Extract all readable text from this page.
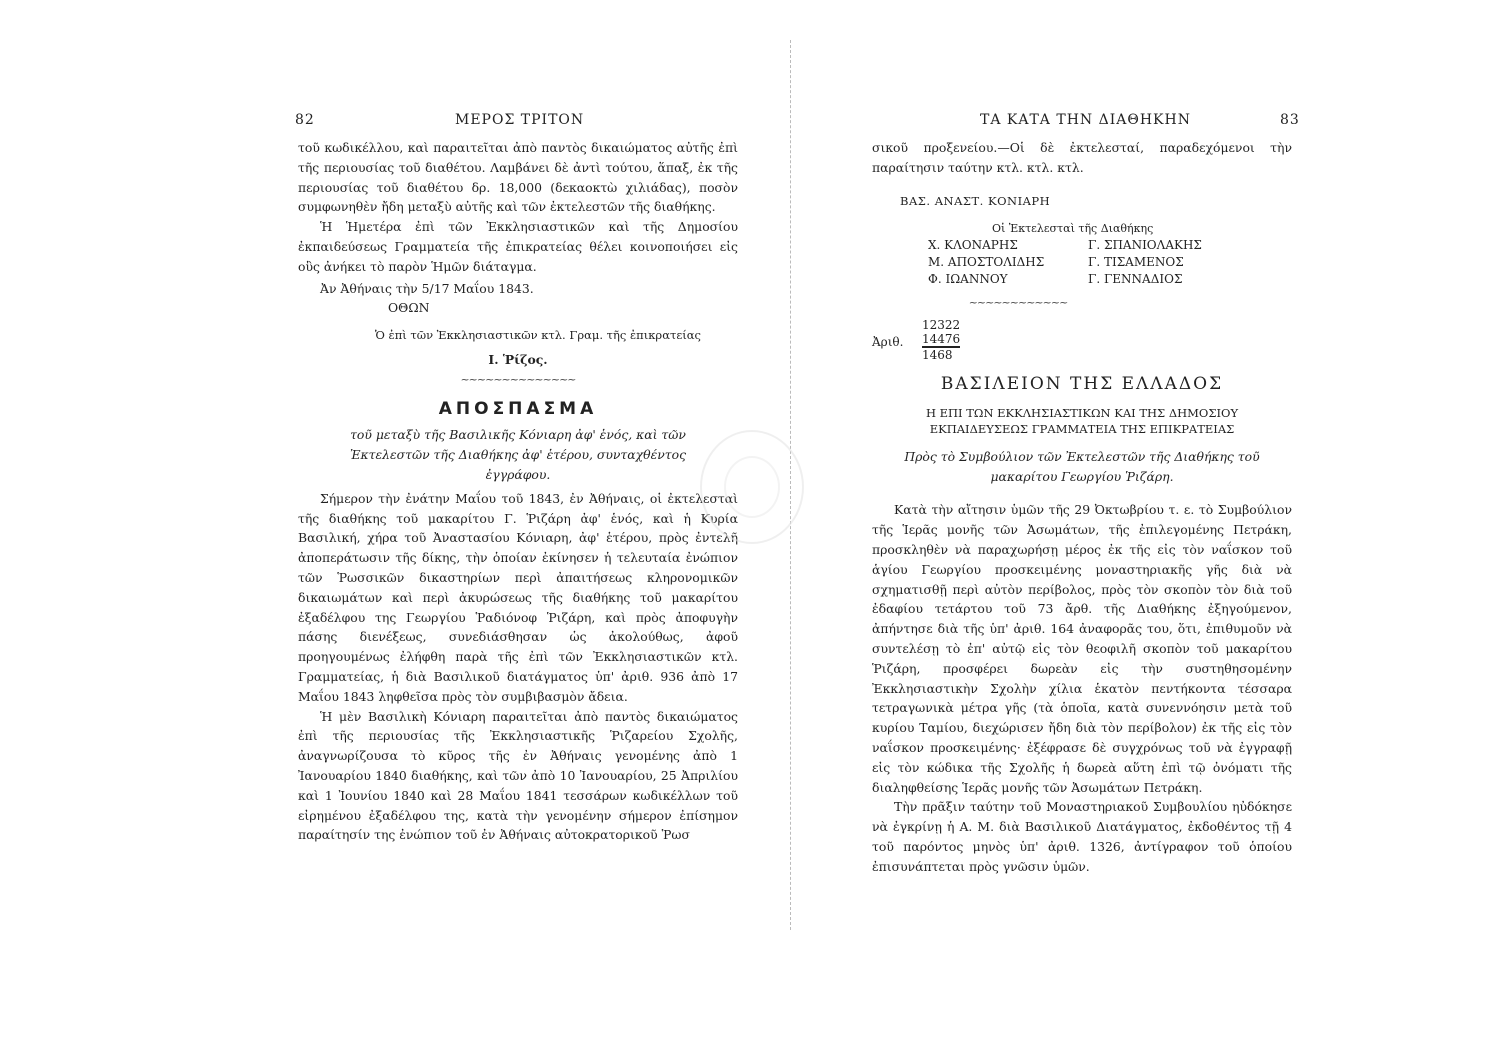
82	ΜΕΡΟΣ ΤΡΙΤΟΝ

τοῦ κωδικέλλου, καὶ παραιτεῖται ἀπὸ παντὸς δικαιώματος αὐτῆς ἐπὶ τῆς περιουσίας τοῦ διαθέτου. Λαμβάνει δὲ ἀντὶ τούτου, ἅπαξ, ἐκ τῆς περιουσίας τοῦ διαθέτου δρ. 18,000 (δεκαοκτὼ χιλιάδας), ποσὸν συμφωνηθὲν ἤδη μεταξὺ αὐτῆς καὶ τῶν ἐκτελεστῶν τῆς διαθήκης.

Ἡ Ἡμετέρα ἐπὶ τῶν Ἐκκλησιαστικῶν καὶ τῆς Δημοσίου ἐκπαιδεύσεως Γραμματεία τῆς ἐπικρατείας θέλει κοινοποιήσει εἰς οὓς ἀνήκει τὸ παρὸν Ἡμῶν διάταγμα.

Ἀν Ἀθήναις τὴν 5/17 Μαΐου 1843.

ΟΘΩΝ

Ὁ ἐπὶ τῶν Ἐκκλησιαστικῶν κτλ. Γραμ. τῆς ἐπικρατείας

Ι. Ῥίζος.

~~~~~~~~~~~~~~

ΑΠΟΣΠΑΣΜΑ

τοῦ μεταξὺ τῆς Βασιλικῆς Κόνιαρη ἀφ' ἑνός, καὶ τῶν Ἐκτελεστῶν τῆς Διαθήκης ἀφ' ἑτέρου, συνταχθέντος ἐγγράφου.

Σήμερον τὴν ἐνάτην Μαΐου τοῦ 1843, ἐν Ἀθήναις, οἱ ἐκτελεσταὶ τῆς διαθήκης τοῦ μακαρίτου Γ. Ῥιζάρη ἀφ' ἑνός, καὶ ἡ Κυρία Βασιλική, χήρα τοῦ Ἀναστασίου Κόνιαρη, ἀφ' ἑτέρου, πρὸς ἐντελῆ ἀποπεράτωσιν τῆς δίκης, τὴν ὁποίαν ἐκίνησεν ἡ τελευταία ἐνώπιον τῶν Ῥωσσικῶν δικαστηρίων περὶ ἀπαιτήσεως κληρονομικῶν δικαιωμάτων καὶ περὶ ἀκυρώσεως τῆς διαθήκης τοῦ μακαρίτου ἐξαδέλφου της Γεωργίου Ῥαδιόνοφ Ῥιζάρη, καὶ πρὸς ἀποφυγὴν πάσης διενέξεως, συνεδιάσθησαν ὡς ἀκολούθως, ἀφοῦ προηγουμένως ἐλήφθη παρὰ τῆς ἐπὶ τῶν Ἐκκλησιαστικῶν κτλ. Γραμματείας, ἡ διὰ Βασιλικοῦ διατάγματος ὑπ' ἀριθ. 936 ἀπὸ 17 Μαΐου 1843 ληφθεῖσα πρὸς τὸν συμβιβασμὸν ἄδεια.

Ἡ μὲν Βασιλικὴ Κόνιαρη παραιτεῖται ἀπὸ παντὸς δικαιώματος ἐπὶ τῆς περιουσίας τῆς Ἐκκλησιαστικῆς Ῥιζαρείου Σχολῆς, ἀναγνωρίζουσα τὸ κῦρος τῆς ἐν Ἀθήναις γενομένης ἀπὸ 1 Ἰανουαρίου 1840 διαθήκης, καὶ τῶν ἀπὸ 10 Ἰανουαρίου, 25 Ἀπριλίου καὶ 1 Ἰουνίου 1840 καὶ 28 Μαΐου 1841 τεσσάρων κωδικέλλων τοῦ εἰρημένου ἐξαδέλφου της, κατὰ τὴν γενομένην σήμερον ἐπίσημον παραίτησίν της ἐνώπιον τοῦ ἐν Ἀθήναις αὐτοκρατορικοῦ Ῥωσ

ΤΑ ΚΑΤΑ ΤΗΝ ΔΙΑΘΗΚΗΝ	83

σικοῦ προξενείου.—Οἱ δὲ ἐκτελεσταί, παραδεχόμενοι τὴν παραίτησιν ταύτην κτλ. κτλ. κτλ.

ΒΑΣ. ΑΝΑΣΤ. ΚΟΝΙΑΡΗ

Οἱ Ἐκτελεσταὶ τῆς Διαθήκης

Χ. ΚΛΟΝΑΡΗΣ	Γ. ΣΠΑΝΙΟΛΑΚΗΣ
Μ. ΑΠΟΣΤΟΛΙΔΗΣ	Γ. ΤΙΣΑΜΕΝΟΣ
Φ. ΙΩΑΝΝΟΥ	Γ. ΓΕΝΝΑΔΙΟΣ
~~~~~~~~~~~~
Ἀριθ.
12322
14476
1468

ΒΑΣΙΛΕΙΟΝ ΤΗΣ ΕΛΛΑΔΟΣ

Η ΕΠΙ ΤΩΝ ΕΚΚΛΗΣΙΑΣΤΙΚΩΝ ΚΑΙ ΤΗΣ ΔΗΜΟΣΙΟΥ

ΕΚΠΑΙΔΕΥΣΕΩΣ ΓΡΑΜΜΑΤΕΙΑ ΤΗΣ ΕΠΙΚΡΑΤΕΙΑΣ

Πρὸς τὸ Συμβούλιον τῶν Ἐκτελεστῶν τῆς Διαθήκης τοῦ μακαρίτου Γεωργίου Ῥιζάρη.

Κατὰ τὴν αἴτησιν ὑμῶν τῆς 29 Ὀκτωβρίου τ. ε. τὸ Συμβούλιον τῆς Ἱερᾶς μονῆς τῶν Ἀσωμάτων, τῆς ἐπιλεγομένης Πετράκη, προσκληθὲν νὰ παραχωρήσῃ μέρος ἐκ τῆς εἰς τὸν ναΐσκον τοῦ ἁγίου Γεωργίου προσκειμένης μοναστηριακῆς γῆς διὰ νὰ σχηματισθῇ περὶ αὐτὸν περίβολος, πρὸς τὸν σκοπὸν τὸν διὰ τοῦ ἐδαφίου τετάρτου τοῦ 73 ἄρθ. τῆς Διαθήκης ἐξηγούμενον, ἀπήντησε διὰ τῆς ὑπ' ἀριθ. 164 ἀναφορᾶς του, ὅτι, ἐπιθυμοῦν νὰ συντελέσῃ τὸ ἐπ' αὐτῷ εἰς τὸν θεοφιλῆ σκοπὸν τοῦ μακαρίτου Ῥιζάρη, προσφέρει δωρεὰν εἰς τὴν συστηθησομένην Ἐκκλησιαστικὴν Σχολὴν χίλια ἑκατὸν πεντήκοντα τέσσαρα τετραγωνικὰ μέτρα γῆς (τὰ ὁποῖα, κατὰ συνεννόησιν μετὰ τοῦ κυρίου Ταμίου, διεχώρισεν ἤδη διὰ τὸν περίβολον) ἐκ τῆς εἰς τὸν ναΐσκον προσκειμένης· ἐξέφρασε δὲ συγχρόνως τοῦ νὰ ἐγγραφῇ εἰς τὸν κώδικα τῆς Σχολῆς ἡ δωρεὰ αὕτη ἐπὶ τῷ ὀνόματι τῆς διαληφθείσης Ἱερᾶς μονῆς τῶν Ἀσωμάτων Πετράκη.

Τὴν πρᾶξιν ταύτην τοῦ Μοναστηριακοῦ Συμβουλίου ηὐδόκησε νὰ ἐγκρίνῃ ἡ Α. Μ. διὰ Βασιλικοῦ Διατάγματος, ἐκδοθέντος τῇ 4 τοῦ παρόντος μηνὸς ὑπ' ἀριθ. 1326, ἀντίγραφον τοῦ ὁποίου ἐπισυνάπτεται πρὸς γνῶσιν ὑμῶν.
